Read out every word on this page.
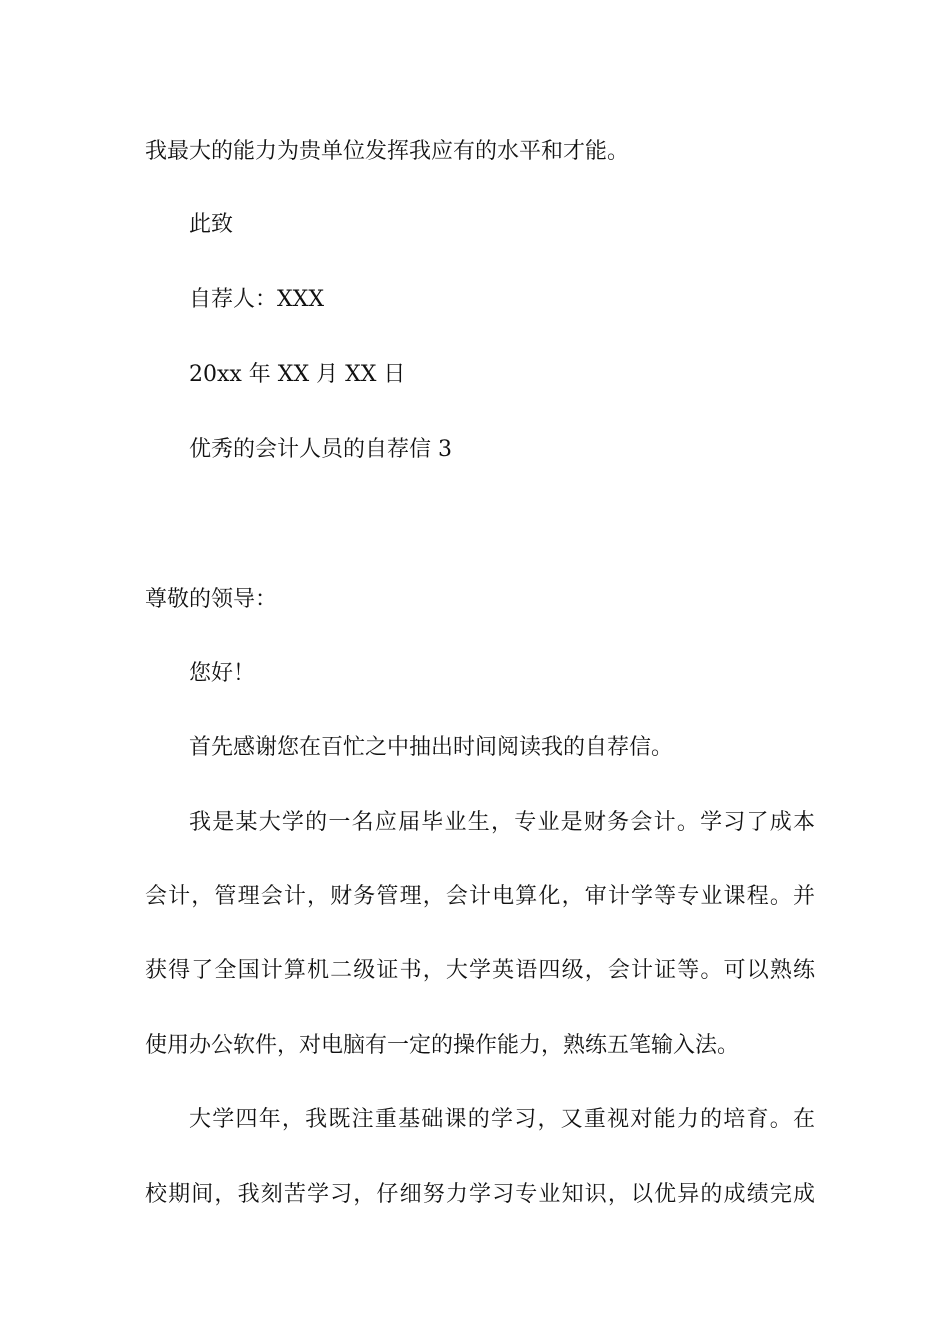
我最大的能力为贵单位发挥我应有的水平和才能。
此致
自荐人：XXX
20xx 年 XX 月 XX 日
优秀的会计人员的自荐信 3
尊敬的领导：
您好！
首先感谢您在百忙之中抽出时间阅读我的自荐信。
我是某大学的一名应届毕业生，专业是财务会计。学习了成本
会计，管理会计，财务管理，会计电算化，审计学等专业课程。并
获得了全国计算机二级证书，大学英语四级，会计证等。可以熟练
使用办公软件，对电脑有一定的操作能力，熟练五笔输入法。
大学四年，我既注重基础课的学习，又重视对能力的培育。在
校期间，我刻苦学习，仔细努力学习专业知识，以优异的成绩完成
